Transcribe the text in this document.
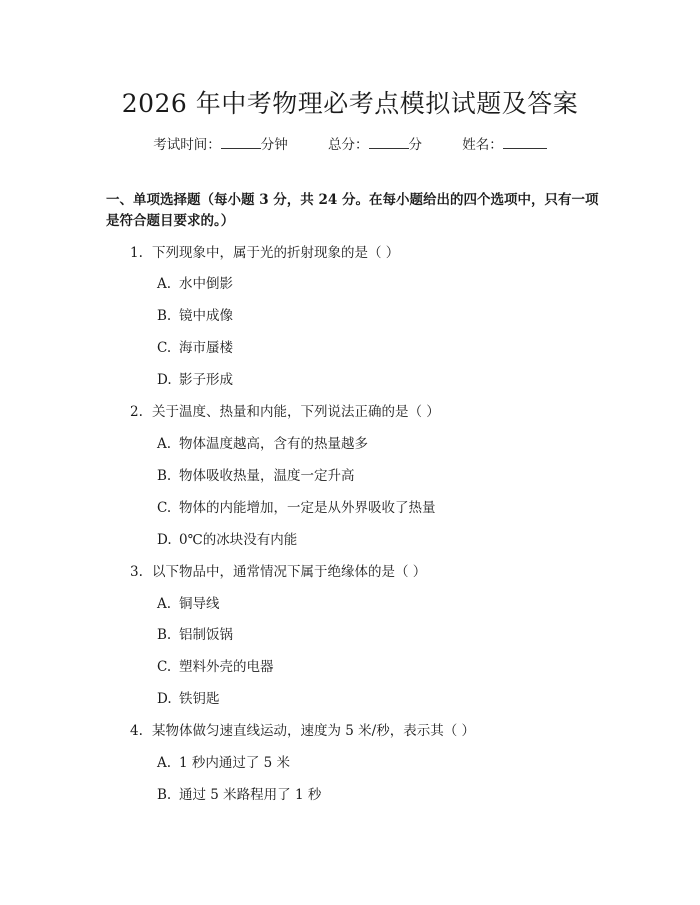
2026 年中考物理必考点模拟试题及答案
考试时间：	分钟	总分：	分	姓名：
一、单项选择题（每小题 3 分，共 24 分。在每小题给出的四个选项中，只有一项是符合题目要求的。）
1. 下列现象中，属于光的折射现象的是（ ）
A. 水中倒影
B. 镜中成像
C. 海市蜃楼
D. 影子形成
2. 关于温度、热量和内能，下列说法正确的是（ ）
A. 物体温度越高，含有的热量越多
B. 物体吸收热量，温度一定升高
C. 物体的内能增加，一定是从外界吸收了热量
D. 0℃的冰块没有内能
3. 以下物品中，通常情况下属于绝缘体的是（ ）
A. 铜导线
B. 铝制饭锅
C. 塑料外壳的电器
D. 铁钥匙
4. 某物体做匀速直线运动，速度为 5 米/秒，表示其（ ）
A. 1 秒内通过了 5 米
B. 通过 5 米路程用了 1 秒
